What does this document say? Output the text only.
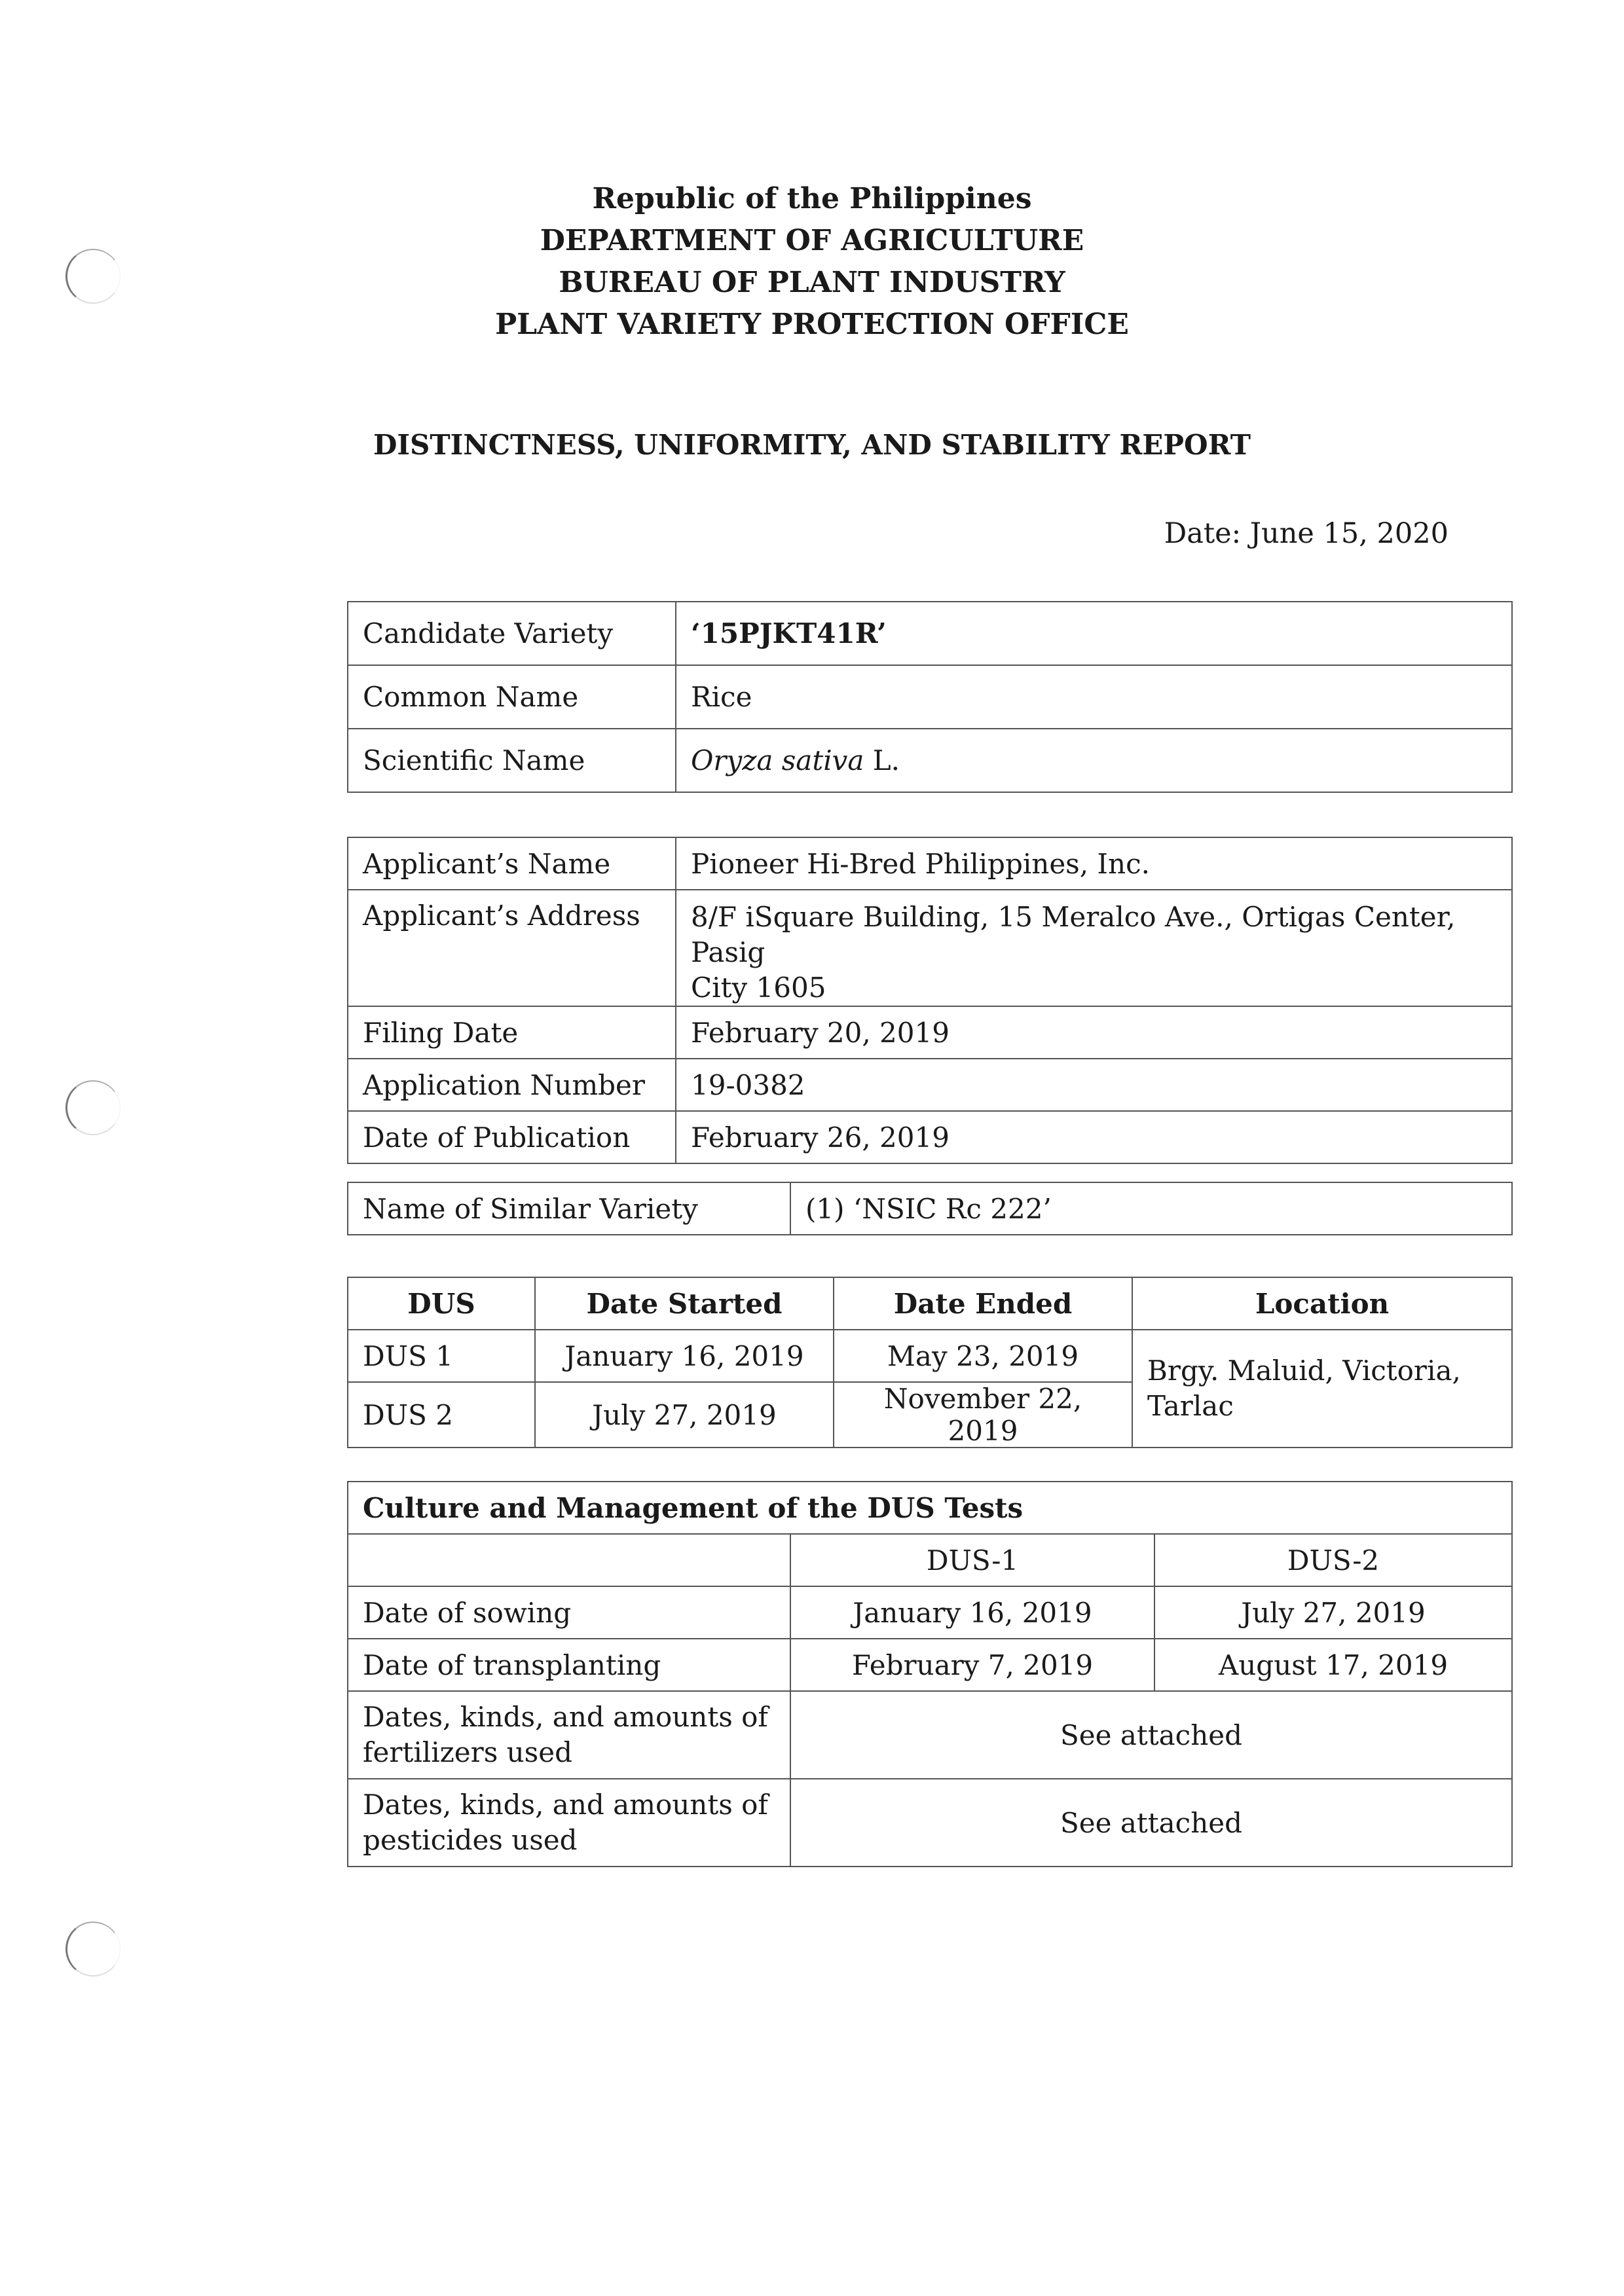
Republic of the Philippines
DEPARTMENT OF AGRICULTURE
BUREAU OF PLANT INDUSTRY
PLANT VARIETY PROTECTION OFFICE
DISTINCTNESS, UNIFORMITY, AND STABILITY REPORT
Date: June 15, 2020
Candidate Variety	‘15PJKT41R’
Common Name	Rice
Scientific Name	Oryza sativa L.
Applicant’s Name	Pioneer Hi-Bred Philippines, Inc.
Applicant’s Address	8/F iSquare Building, 15 Meralco Ave., Ortigas Center, Pasig
City 1605

Filing Date	February 20, 2019
Application Number	19-0382
Date of Publication	February 26, 2019
Name of Similar Variety	(1) ‘NSIC Rc 222’
DUS	Date Started	Date Ended	Location
DUS 1	January 16, 2019	May 23, 2019	Brgy. Maluid, Victoria,
Tarlac

DUS 2	July 27, 2019	November 22, 2019	
Culture and Management of the DUS Tests		
	DUS-1	DUS-2
Date of sowing	January 16, 2019	July 27, 2019
Date of transplanting	February 7, 2019	August 17, 2019

Dates, kinds, and amounts of
fertilizers used	See attached	

Dates, kinds, and amounts of
pesticides used	See attached	
